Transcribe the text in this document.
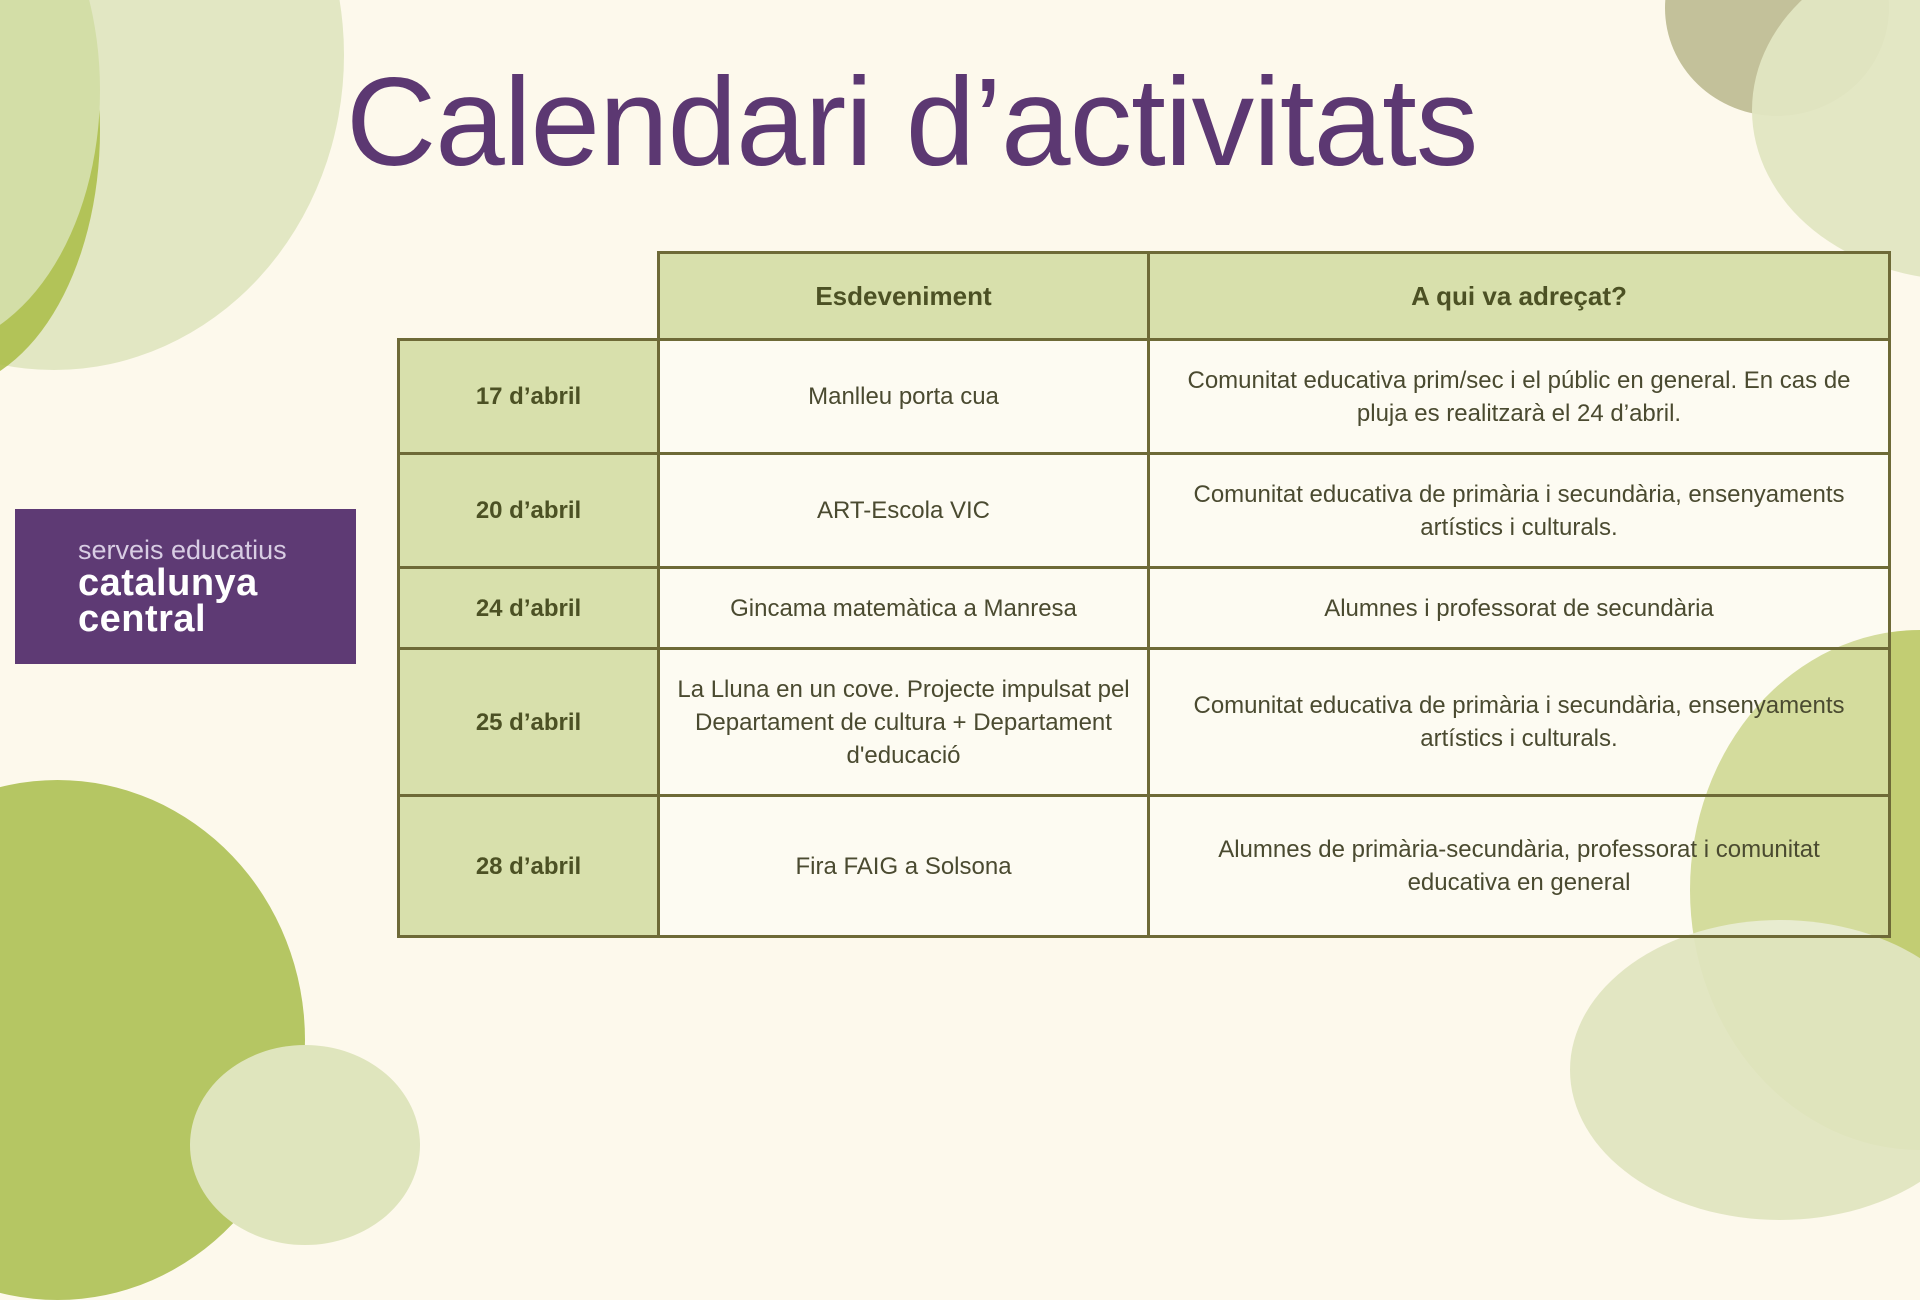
Calendari d’activitats
serveis educatius
catalunya
central
	Esdeveniment	A qui va adreçat?
17 d’abril	Manlleu porta cua	Comunitat educativa prim/sec i el públic en general. En cas de pluja es realitzarà el 24 d’abril.
20 d’abril	ART-Escola VIC	Comunitat educativa de primària i secundària, ensenyaments artístics i culturals.
24 d’abril	Gincama matemàtica a Manresa	Alumnes i professorat de secundària
25 d’abril	La Lluna en un cove. Projecte impulsat pel Departament de cultura + Departament d'educació	Comunitat educativa de primària i secundària, ensenyaments artístics i culturals.
28 d’abril	Fira FAIG a Solsona	Alumnes de primària-secundària, professorat i comunitat educativa en general
